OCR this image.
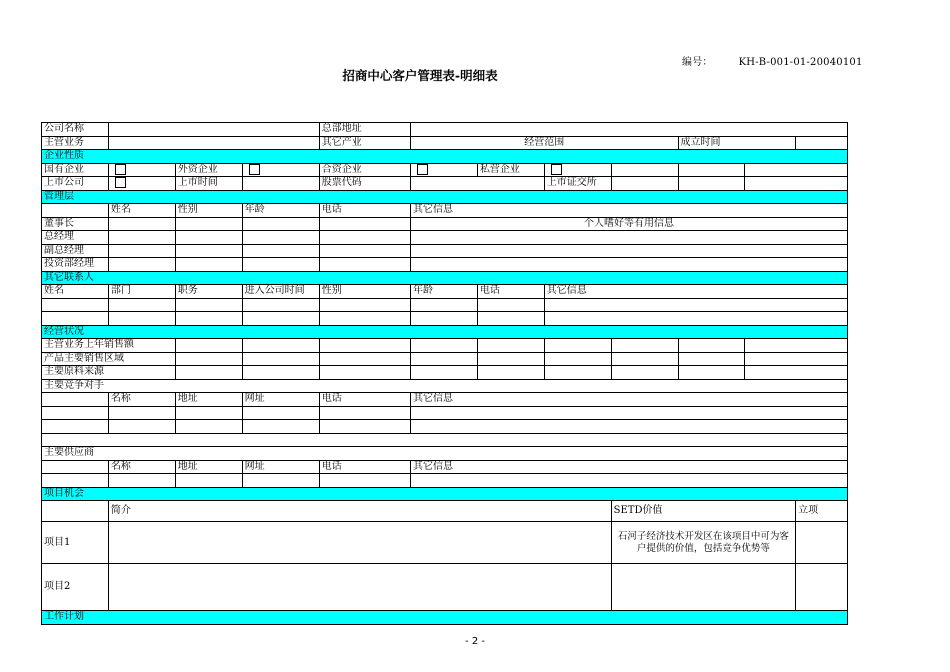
编号：	KH-B-001-01-20040101
招商中心客户管理表-明细表
公司名称				总部地址							
主营业务				其它产业	经营范围				成立时间		
企业性质											
国有企业		外资企业		合资企业		私营企业					
上市公司		上市时间		股票代码			上市证交所				
管理层											
	姓名	性别	年龄	电话	其它信息						
董事长					个人嗜好等有用信息						
总经理											
副总经理											
投资部经理											
其它联系人											
姓名	部门	职务	进入公司时间	性别	年龄	电话	其它信息				

经营状况											
主营业务上年销售额											
产品主要销售区域											
主要原料来源											
主要竞争对手											
	名称	地址	网址	电话	其它信息						

主要供应商											
	名称	地址	网址	电话	其它信息						

项目机会											
	简介							SETD价值			立项
项目1								石河子经济技术开发区在该项目中可为客户提供的价值，包括竞争优势等			
项目2											
工作计划											
- 2 -
